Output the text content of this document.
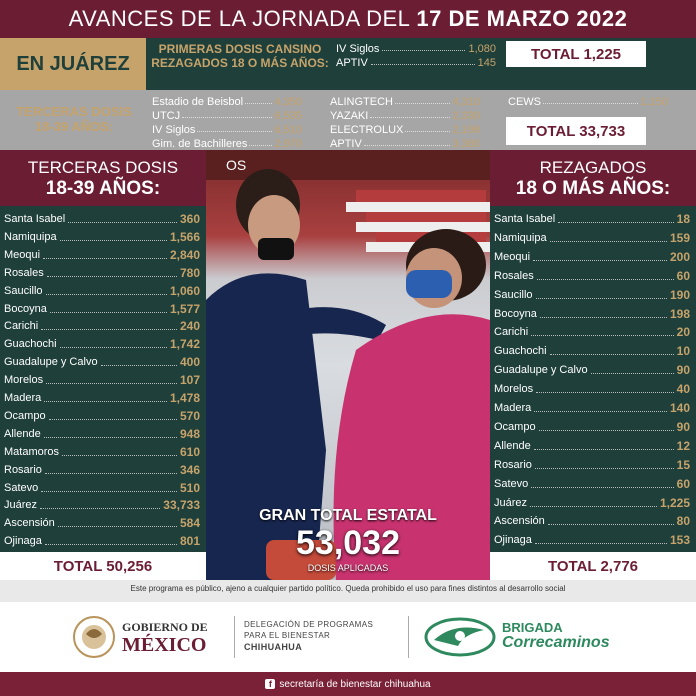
AVANCES DE LA JORNADA DEL 17 DE MARZO 2022
EN JUÁREZ
PRIMERAS DOSIS CANSINO REZAGADOS 18 O MÁS AÑOS:
IV Siglos	1,080
APTIV	145
TOTAL 1,225
TERCERAS DOSIS 18-39 AÑOS:
Estadio de Beisbol	4,350
UTCJ	6,535
IV Siglos	6,510
Gim. de Bachilleres 2,970
ALINGTECH	4,310
YAZAKI	2,330
ELECTROLUX	2,198
APTIV	3,380
CEWS	1,150
TOTAL 33,733
TERCERAS DOSIS
18-39 AÑOS:
Santa Isabel	360
Namiquipa	1,566
Meoqui	2,840
Rosales	780
Saucillo	1,060
Bocoyna	1,577
Carichi	240
Guachochi	1,742
Guadalupe y Calvo	400
Morelos	107
Madera	1,478
Ocampo	570
Allende	948
Matamoros	610
Rosario	346
Satevo	510
Juárez	33,733
Ascensión	584
Ojinaga	801
TOTAL 50,256
REZAGADOS
18 O MÁS AÑOS:
Santa Isabel	18
Namiquipa	159
Meoqui	200
Rosales	60
Saucillo	190
Bocoyna	198
Carichi	20
Guachochi	10
Guadalupe y Calvo	90
Morelos	40
Madera	140
Ocampo	90
Allende	12
Rosario	15
Satevo	60
Juárez	1,225
Ascensión	80
Ojinaga	153
TOTAL 2,776
OS
GRAN TOTAL ESTATAL
53,032
DOSIS APLICADAS
Este programa es público, ajeno a cualquier partido político. Queda prohibido el uso para fines distintos al desarrollo social
GOBIERNO DE
MÉXICO
DELEGACIÓN DE PROGRAMAS
PARA EL BIENESTAR
CHIHUAHUA
BRIGADA
Correcaminos
f secretaría de bienestar chihuahua
